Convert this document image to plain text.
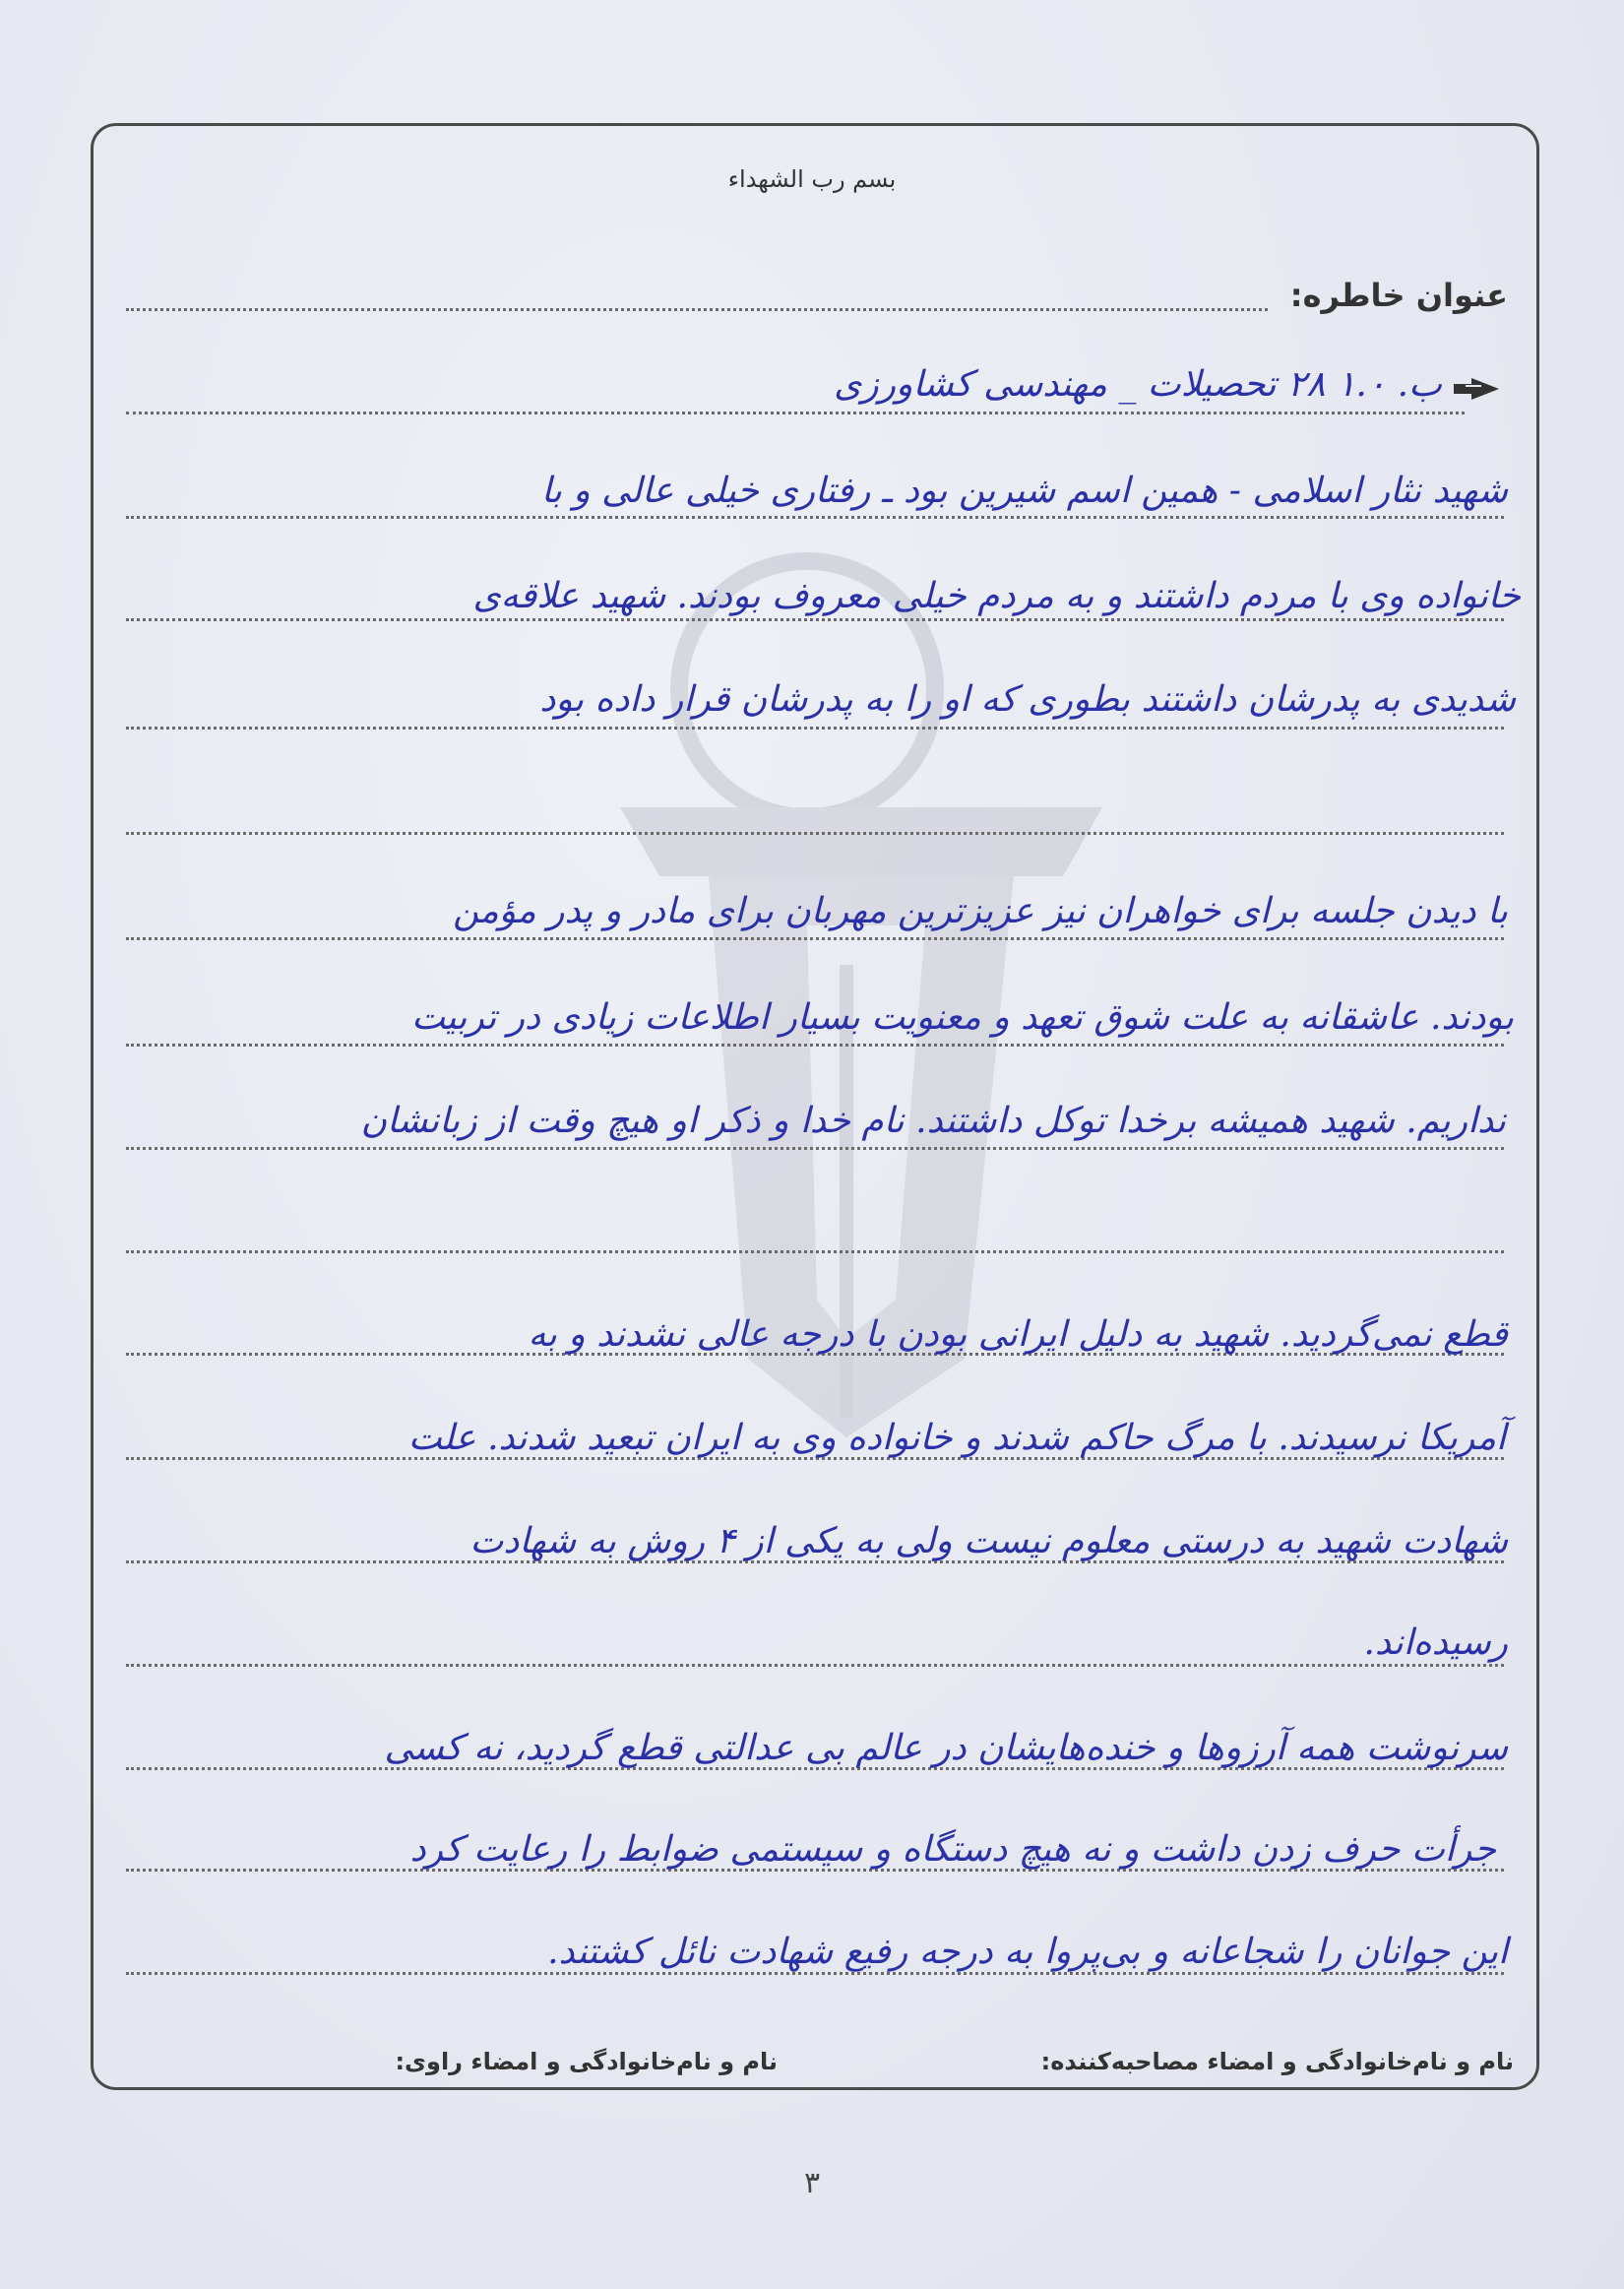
بسم رب الشهداء
عنوان خاطره:
ب. ۱.۰ ۲۸ تحصیلات _ مهندسی کشاورزی
شهید نثار اسلامی - همین اسم شیرین بود ـ رفتاری خیلی عالی و با
خانواده وی با مردم داشتند و به مردم خیلی معروف بودند. شهید علاقه‌ی
شدیدی به پدرشان داشتند بطوری که او را به پدرشان قرار داده بود
با دیدن جلسه برای خواهران نیز عزیزترین مهربان برای مادر و پدر مؤمن
بودند. عاشقانه به علت شوق تعهد و معنویت بسیار اطلاعات زیادی در تربیت
نداریم. شهید همیشه برخدا توکل داشتند. نام خدا و ذکر او هیچ وقت از زبانشان
قطع نمی‌گردید. شهید به دلیل ایرانی بودن با درجه عالی نشدند و به
آمریکا نرسیدند. با مرگ حاکم شدند و خانواده وی به ایران تبعید شدند. علت
شهادت شهید به درستی معلوم نیست ولی به یکی از ۴ روش به شهادت
رسیده‌اند.
سرنوشت همه آرزوها و خنده‌هایشان در عالم بی عدالتی قطع گردید، نه کسی
جرأت حرف زدن داشت و نه هیچ دستگاه و سیستمی ضوابط را رعایت کرد
این جوانان را شجاعانه و بی‌پروا به درجه رفیع شهادت نائل کشتند.
نام و نام‌خانوادگی و امضاء مصاحبه‌کننده:
نام و نام‌خانوادگی و امضاء راوی:
۳
